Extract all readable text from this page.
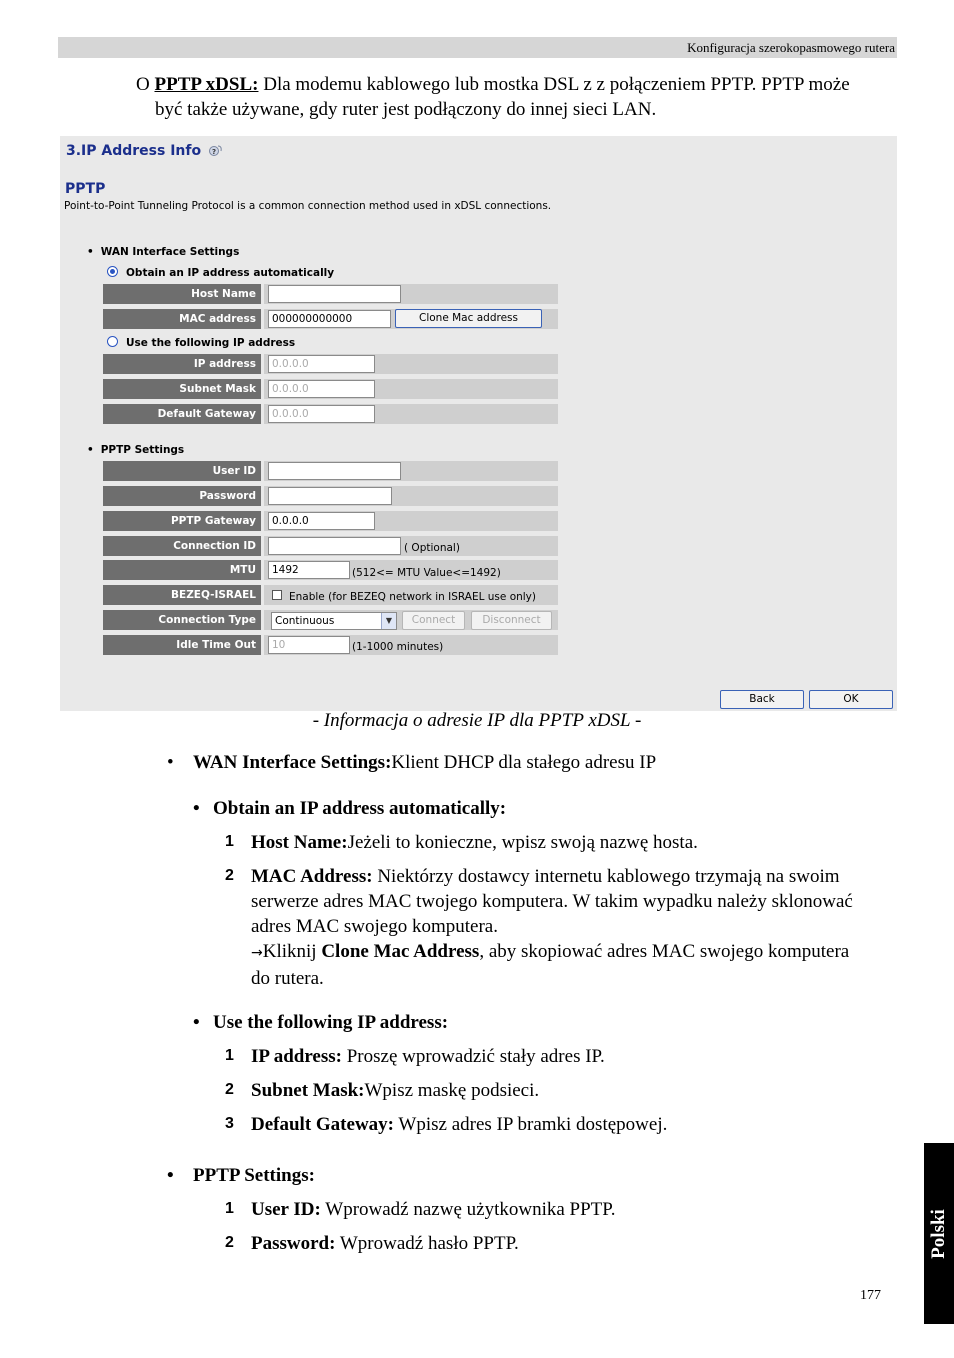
Konfiguracja szerokopasmowego rutera
O PPTP xDSL: Dla modemu kablowego lub mostka DSL z z połączeniem PPTP. PPTP może
być także używane, gdy ruter jest podłączony do innej sieci LAN.
3.IP Address Info ?
PPTP
Point-to-Point Tunneling Protocol is a common connection method used in xDSL connections.
• WAN Interface Settings
Obtain an IP address automatically
Host Name
MAC address	000000000000	Clone Mac address
Use the following IP address
IP address	0.0.0.0
Subnet Mask	0.0.0.0
Default Gateway	0.0.0.0
• PPTP Settings
User ID
Password
PPTP Gateway	0.0.0.0
Connection ID	( Optional)
MTU	1492	(512<= MTU Value<=1492)
BEZEQ-ISRAEL	Enable (for BEZEQ network in ISRAEL use only)
Connection Type	Continuous	▼	Connect	Disconnect
Idle Time Out	10	(1-1000 minutes)
Back	OK
- Informacja o adresie IP dla PPTP xDSL -
• WAN Interface Settings:Klient DHCP dla stałego adresu IP
• Obtain an IP address automatically:
1 Host Name:Jeżeli to konieczne, wpisz swoją nazwę hosta.
2 MAC Address: Niektórzy dostawcy internetu kablowego trzymają na swoim
serwerze adres MAC twojego komputera. W takim wypadku należy sklonować
adres MAC swojego komputera.
→Kliknij Clone Mac Address, aby skopiować adres MAC swojego komputera
do rutera.
• Use the following IP address:
1 IP address: Proszę wprowadzić stały adres IP.
2 Subnet Mask:Wpisz maskę podsieci.
3 Default Gateway: Wpisz adres IP bramki dostępowej.
• PPTP Settings:
1 User ID: Wprowadź nazwę użytkownika PPTP.
2 Password: Wprowadź hasło PPTP.	Polski
177
